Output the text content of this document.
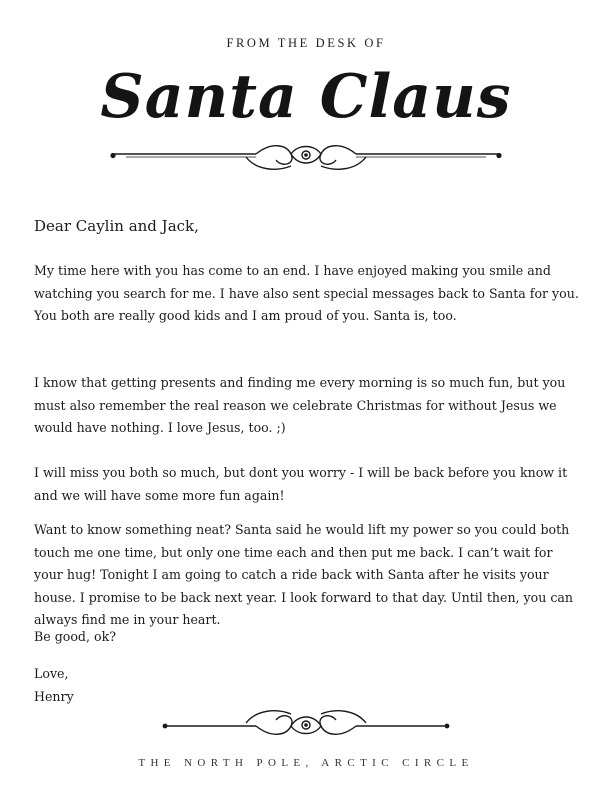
FROM THE DESK OF
Santa Claus
Dear Caylin and Jack,
My time here with you has come to an end. I have enjoyed making you smile and watching you search for me. I have also sent special messages back to Santa for you. You both are really good kids and I am proud of you. Santa is, too.
I know that getting presents and finding me every morning is so much fun, but you must also remember the real reason we celebrate Christmas for without Jesus we would have nothing. I love Jesus, too. ;)
I will miss you both so much, but dont you worry - I will be back before you know it and we will have some more fun again!
Want to know something neat? Santa said he would lift my power so you could both touch me one time, but only one time each and then put me back. I can’t wait for your hug! Tonight I am going to catch a ride back with Santa after he visits your house. I promise to be back next year. I look forward to that day. Until then, you can always find me in your heart.
Be good, ok?
Love,
Henry
THE NORTH POLE, ARCTIC CIRCLE
